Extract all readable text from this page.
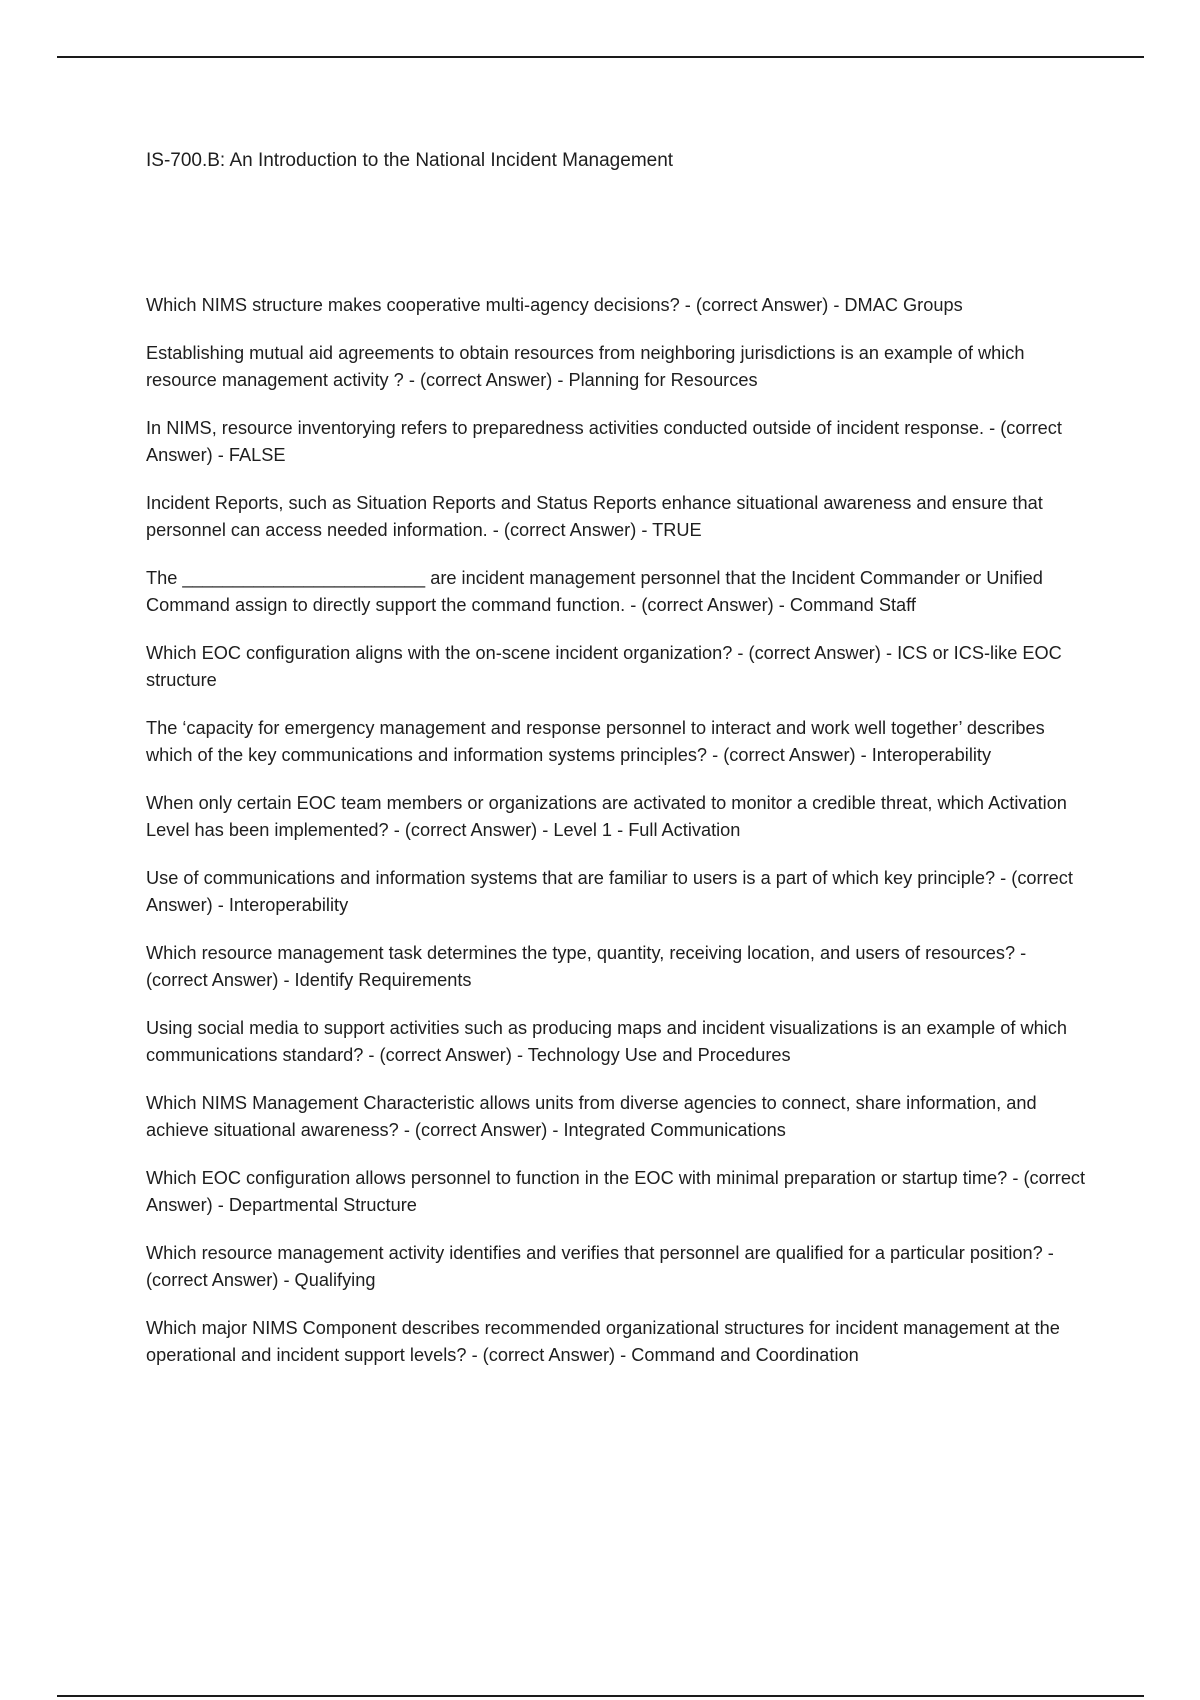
IS-700.B: An Introduction to the National Incident Management
Which NIMS structure makes cooperative multi-agency decisions? - (correct Answer) - DMAC Groups
Establishing mutual aid agreements to obtain resources from neighboring jurisdictions is an example of which resource management activity ? - (correct Answer) - Planning for Resources
In NIMS, resource inventorying refers to preparedness activities conducted outside of incident response. - (correct Answer) - FALSE
Incident Reports, such as Situation Reports and Status Reports enhance situational awareness and ensure that personnel can access needed information. - (correct Answer) - TRUE
The ________________________ are incident management personnel that the Incident Commander or Unified Command assign to directly support the command function. - (correct Answer) - Command Staff
Which EOC configuration aligns with the on-scene incident organization? - (correct Answer) - ICS or ICS-like EOC structure
The ‘capacity for emergency management and response personnel to interact and work well together’ describes which of the key communications and information systems principles? - (correct Answer) - Interoperability
When only certain EOC team members or organizations are activated to monitor a credible threat, which Activation Level has been implemented? - (correct Answer) - Level 1 - Full Activation
Use of communications and information systems that are familiar to users is a part of which key principle? - (correct Answer) - Interoperability
Which resource management task determines the type, quantity, receiving location, and users of resources? - (correct Answer) - Identify Requirements
Using social media to support activities such as producing maps and incident visualizations is an example of which communications standard? - (correct Answer) - Technology Use and Procedures
Which NIMS Management Characteristic allows units from diverse agencies to connect, share information, and achieve situational awareness? - (correct Answer) - Integrated Communications
Which EOC configuration allows personnel to function in the EOC with minimal preparation or startup time? - (correct Answer) - Departmental Structure
Which resource management activity identifies and verifies that personnel are qualified for a particular position? - (correct Answer) - Qualifying
Which major NIMS Component describes recommended organizational structures for incident management at the operational and incident support levels? - (correct Answer) - Command and Coordination
